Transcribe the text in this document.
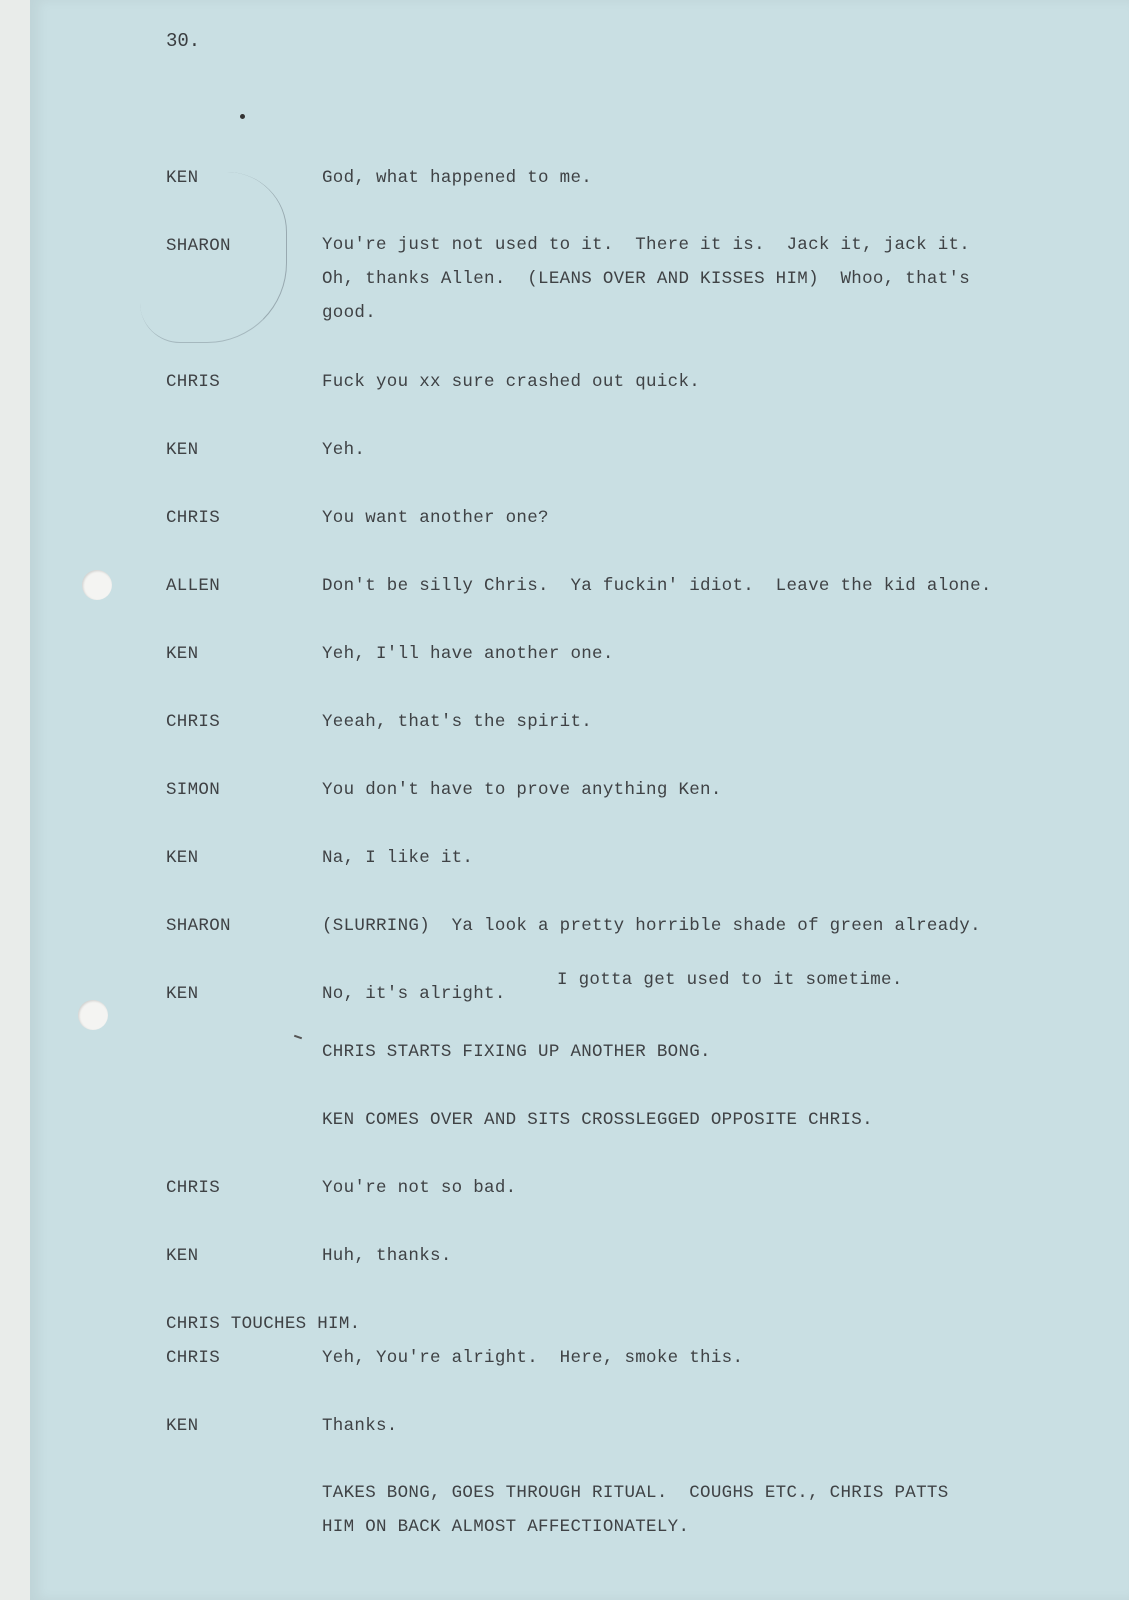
30.
KEN	God, what happened to me.
SHARON	You're just not used to it.  There it is.  Jack it, jack it.
Oh, thanks Allen.  (LEANS OVER AND KISSES HIM)  Whoo, that's
good.
CHRIS	Fuck you xx sure crashed out quick.
KEN	Yeh.
CHRIS	You want another one?
ALLEN	Don't be silly Chris.  Ya fuckin' idiot.  Leave the kid alone.
KEN	Yeh, I'll have another one.
CHRIS	Yeeah, that's the spirit.
SIMON	You don't have to prove anything Ken.
KEN	Na, I like it.
SHARON	(SLURRING)  Ya look a pretty horrible shade of green already.
KEN	No, it's alright.
I gotta get used to it sometime.
CHRIS STARTS FIXING UP ANOTHER BONG.
KEN COMES OVER AND SITS CROSSLEGGED OPPOSITE CHRIS.
CHRIS	You're not so bad.
KEN	Huh, thanks.
CHRIS TOUCHES HIM.
CHRIS	Yeh, You're alright.  Here, smoke this.
KEN	Thanks.
TAKES BONG, GOES THROUGH RITUAL.  COUGHS ETC., CHRIS PATTS
HIM ON BACK ALMOST AFFECTIONATELY.
